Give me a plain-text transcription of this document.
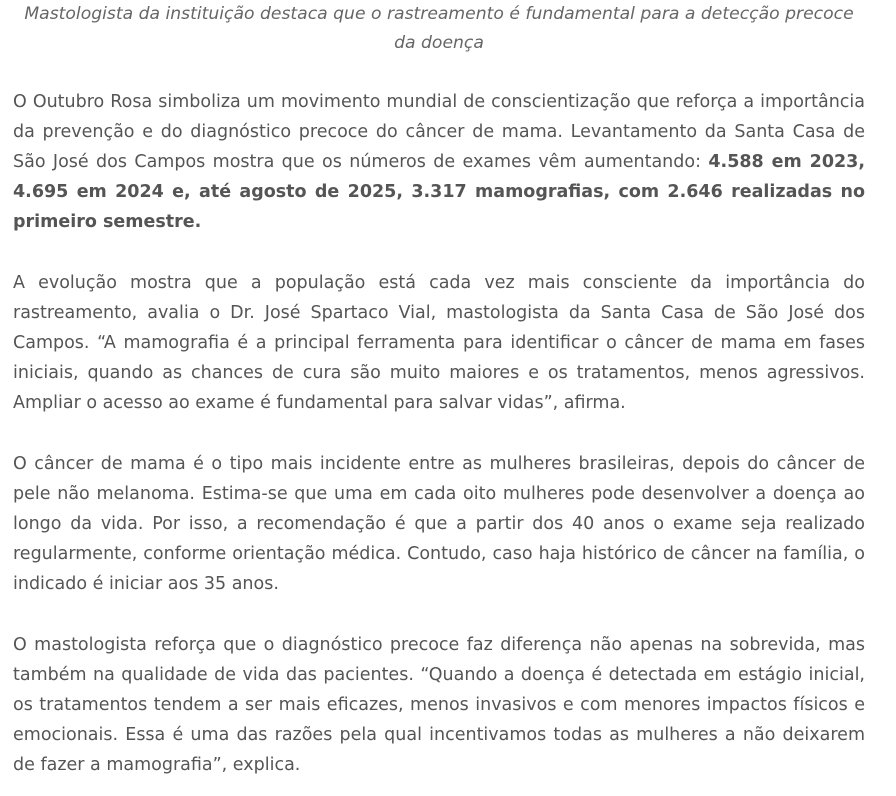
Mastologista da instituição destaca que o rastreamento é fundamental para a detecção precoce da doença

O Outubro Rosa simboliza um movimento mundial de conscientização que reforça a importância da prevenção e do diagnóstico precoce do câncer de mama. Levantamento da Santa Casa de São José dos Campos mostra que os números de exames vêm aumentando: 4.588 em 2023, 4.695 em 2024 e, até agosto de 2025, 3.317 mamografias, com 2.646 realizadas no primeiro semestre.

A evolução mostra que a população está cada vez mais consciente da importância do rastreamento, avalia o Dr. José Spartaco Vial, mastologista da Santa Casa de São José dos Campos. “A mamografia é a principal ferramenta para identificar o câncer de mama em fases iniciais, quando as chances de cura são muito maiores e os tratamentos, menos agressivos. Ampliar o acesso ao exame é fundamental para salvar vidas”, afirma.

O câncer de mama é o tipo mais incidente entre as mulheres brasileiras, depois do câncer de pele não melanoma. Estima-se que uma em cada oito mulheres pode desenvolver a doença ao longo da vida. Por isso, a recomendação é que a partir dos 40 anos o exame seja realizado regularmente, conforme orientação médica. Contudo, caso haja histórico de câncer na família, o indicado é iniciar aos 35 anos.

O mastologista reforça que o diagnóstico precoce faz diferença não apenas na sobrevida, mas também na qualidade de vida das pacientes. “Quando a doença é detectada em estágio inicial, os tratamentos tendem a ser mais eficazes, menos invasivos e com menores impactos físicos e emocionais. Essa é uma das razões pela qual incentivamos todas as mulheres a não deixarem de fazer a mamografia”, explica.
